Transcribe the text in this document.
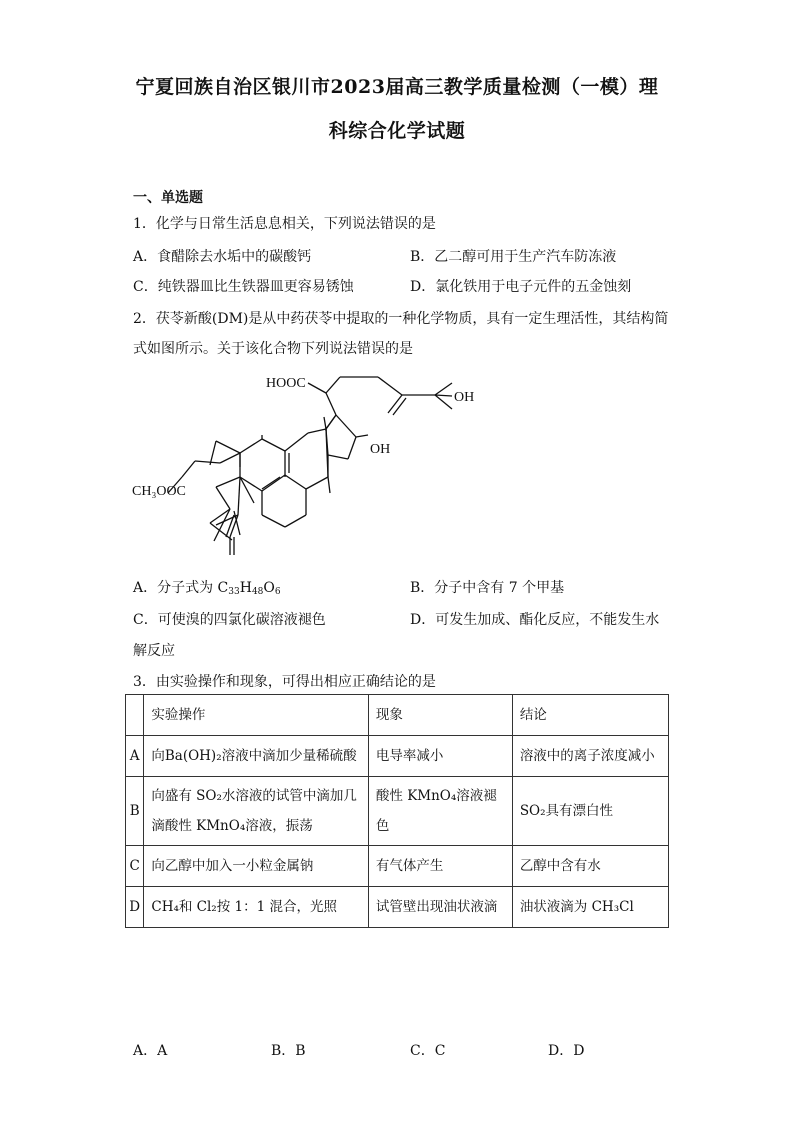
宁夏回族自治区银川市2023届高三教学质量检测（一模）理
科综合化学试题
一、单选题
1．化学与日常生活息息相关，下列说法错误的是
A．食醋除去水垢中的碳酸钙	B．乙二醇可用于生产汽车防冻液
C．纯铁器皿比生铁器皿更容易锈蚀	D．氯化铁用于电子元件的五金蚀刻
2．茯苓新酸(DM)是从中药茯苓中提取的一种化学物质，具有一定生理活性，其结构简
式如图所示。关于该化合物下列说法错误的是
HOOC
OH
OH
CH₃OOC
A．分子式为 $C_{33}H_{48}O_6$	B．分子中含有 7 个甲基
C．可使溴的四氯化碳溶液褪色	D．可发生加成、酯化反应，不能发生水
解反应
3．由实验操作和现象，可得出相应正确结论的是
	实验操作	现象	结论
A	向Ba(OH)₂溶液中滴加少量稀硫酸	电导率减小	溶液中的离子浓度减小
B	向盛有 SO₂水溶液的试管中滴加几滴酸性 KMnO₄溶液，振荡	酸性 KMnO₄溶液褪色	SO₂具有漂白性
C	向乙醇中加入一小粒金属钠	有气体产生	乙醇中含有水
D	CH₄和 Cl₂按 1：1 混合，光照	试管壁出现油状液滴	油状液滴为 CH₃Cl
A．A	B．B	C．C	D．D
